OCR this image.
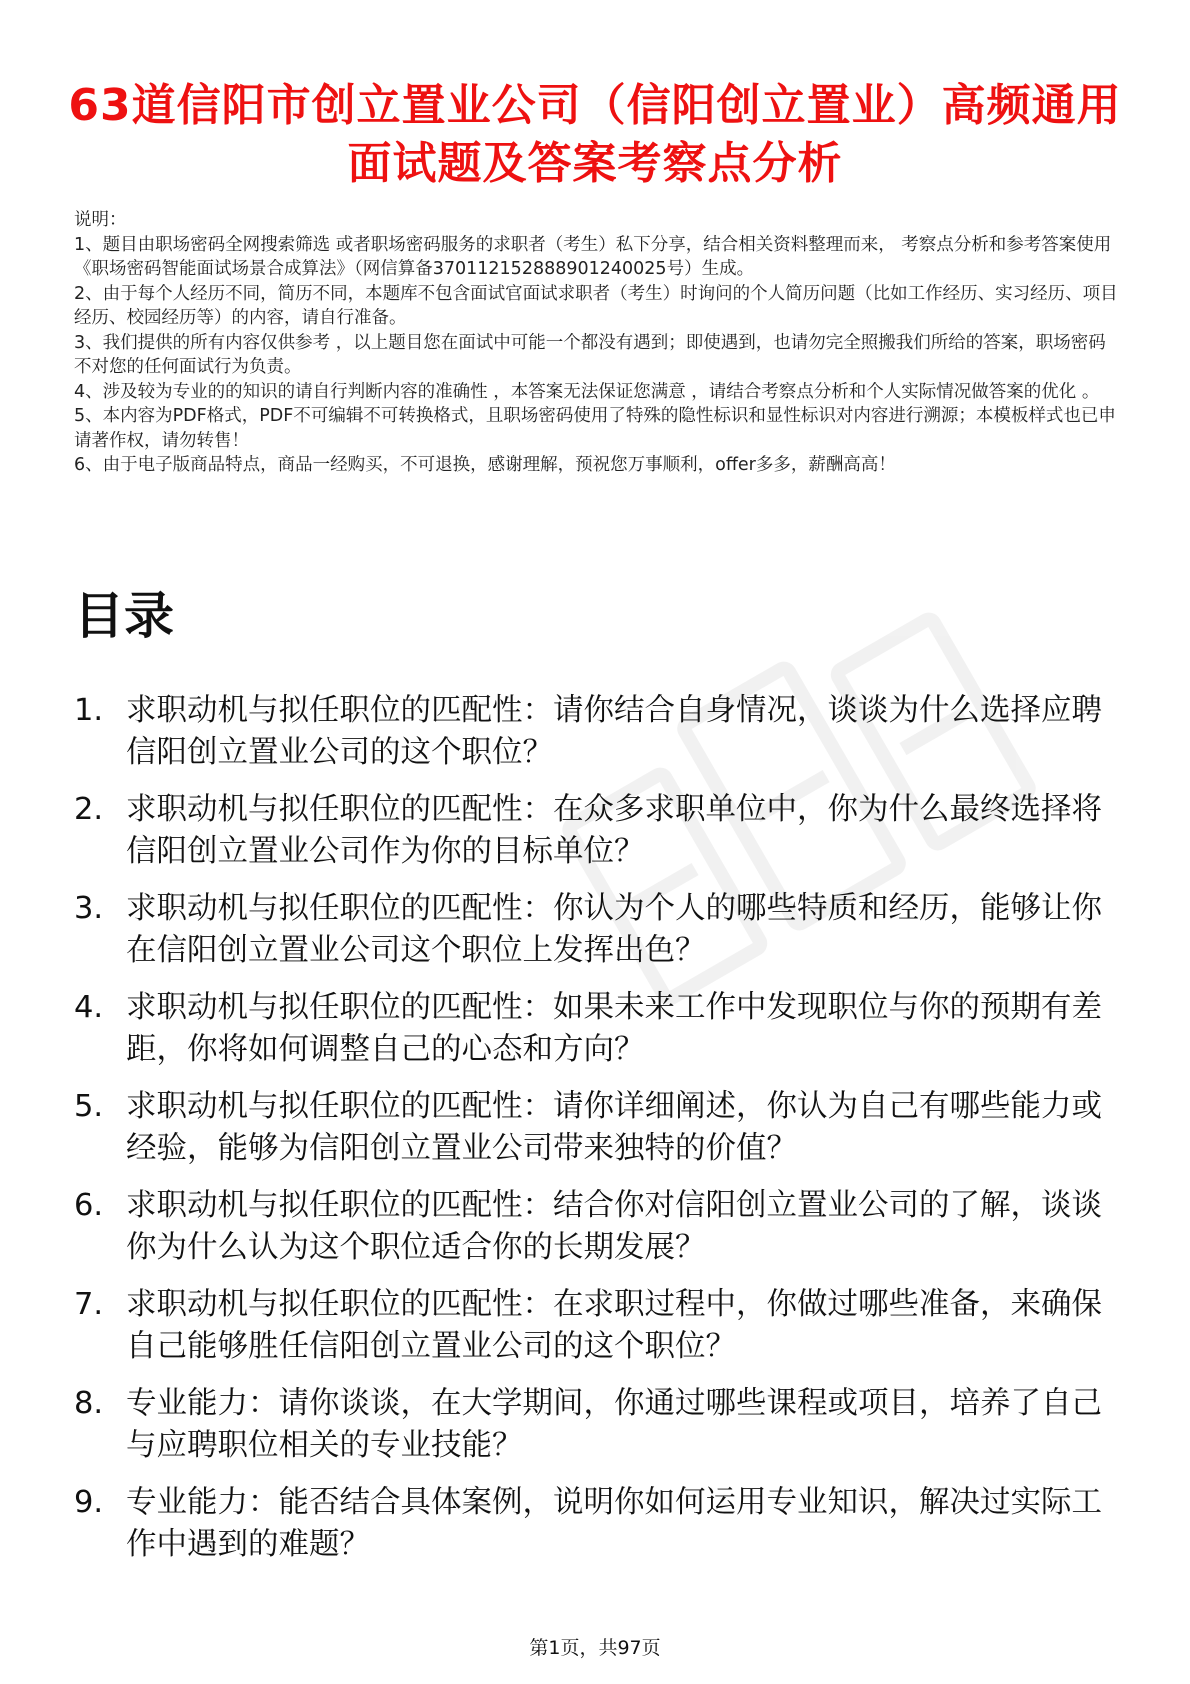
63道信阳市创立置业公司（信阳创立置业）高频通用面试题及答案考察点分析

说明：

1、题目由职场密码全网搜索筛选 或者职场密码服务的求职者（考生）私下分享，结合相关资料整理而来， 考察点分析和参考答案使用《职场密码智能面试场景合成算法》（网信算备370112152888901240025号）生成。

2、由于每个人经历不同，简历不同，本题库不包含面试官面试求职者（考生）时询问的个人简历问题（比如工作经历、实习经历、项目经历、校园经历等）的内容，请自行准备。

3、我们提供的所有内容仅供参考 ，以上题目您在面试中可能一个都没有遇到；即使遇到，也请勿完全照搬我们所给的答案，职场密码不对您的任何面试行为负责。

4、涉及较为专业的的知识的请自行判断内容的准确性 ，本答案无法保证您满意 ，请结合考察点分析和个人实际情况做答案的优化 。

5、本内容为PDF格式，PDF不可编辑不可转换格式，且职场密码使用了特殊的隐性标识和显性标识对内容进行溯源；本模板样式也已申请著作权，请勿转售！

6、由于电子版商品特点，商品一经购买，不可退换，感谢理解，预祝您万事顺利，offer多多，薪酬高高！

目录
1. 求职动机与拟任职位的匹配性：请你结合自身情况，谈谈为什么选择应聘信阳创立置业公司的这个职位？
2. 求职动机与拟任职位的匹配性：在众多求职单位中，你为什么最终选择将信阳创立置业公司作为你的目标单位？
3. 求职动机与拟任职位的匹配性：你认为个人的哪些特质和经历，能够让你在信阳创立置业公司这个职位上发挥出色？
4. 求职动机与拟任职位的匹配性：如果未来工作中发现职位与你的预期有差距，你将如何调整自己的心态和方向？
5. 求职动机与拟任职位的匹配性：请你详细阐述，你认为自己有哪些能力或经验，能够为信阳创立置业公司带来独特的价值？
6. 求职动机与拟任职位的匹配性：结合你对信阳创立置业公司的了解，谈谈你为什么认为这个职位适合你的长期发展？
7. 求职动机与拟任职位的匹配性：在求职过程中，你做过哪些准备，来确保自己能够胜任信阳创立置业公司的这个职位？
8. 专业能力：请你谈谈，在大学期间，你通过哪些课程或项目，培养了自己与应聘职位相关的专业技能？
9. 专业能力：能否结合具体案例，说明你如何运用专业知识，解决过实际工作中遇到的难题？
第1页，共97页
